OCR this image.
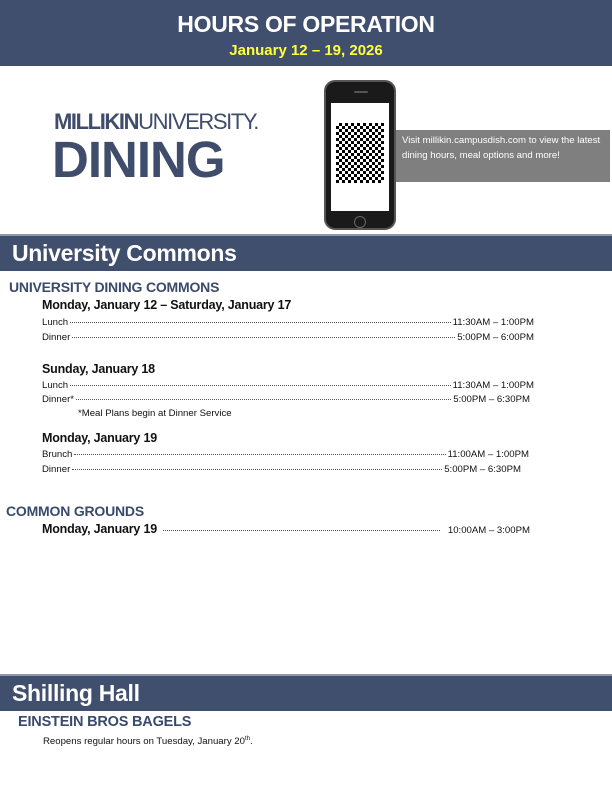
HOURS OF OPERATION
January 12 – 19, 2026
MILLIKINUNIVERSITY.
DINING	Visit millikin.campusdish.com to view the latest dining hours, meal options and more!
University Commons
UNIVERSITY DINING COMMONS
Monday, January 12 – Saturday, January 17
Lunch	11:30AM – 1:00PM
Dinner	5:00PM – 6:00PM
Sunday, January 18
Lunch	11:30AM – 1:00PM
Dinner*	5:00PM – 6:30PM
*Meal Plans begin at Dinner Service
Monday, January 19
Brunch	11:00AM – 1:00PM
Dinner	5:00PM – 6:30PM
COMMON GROUNDS
Monday, January 19	10:00AM – 3:00PM
Shilling Hall
EINSTEIN BROS BAGELS
Reopens regular hours on Tuesday, January 20th.
